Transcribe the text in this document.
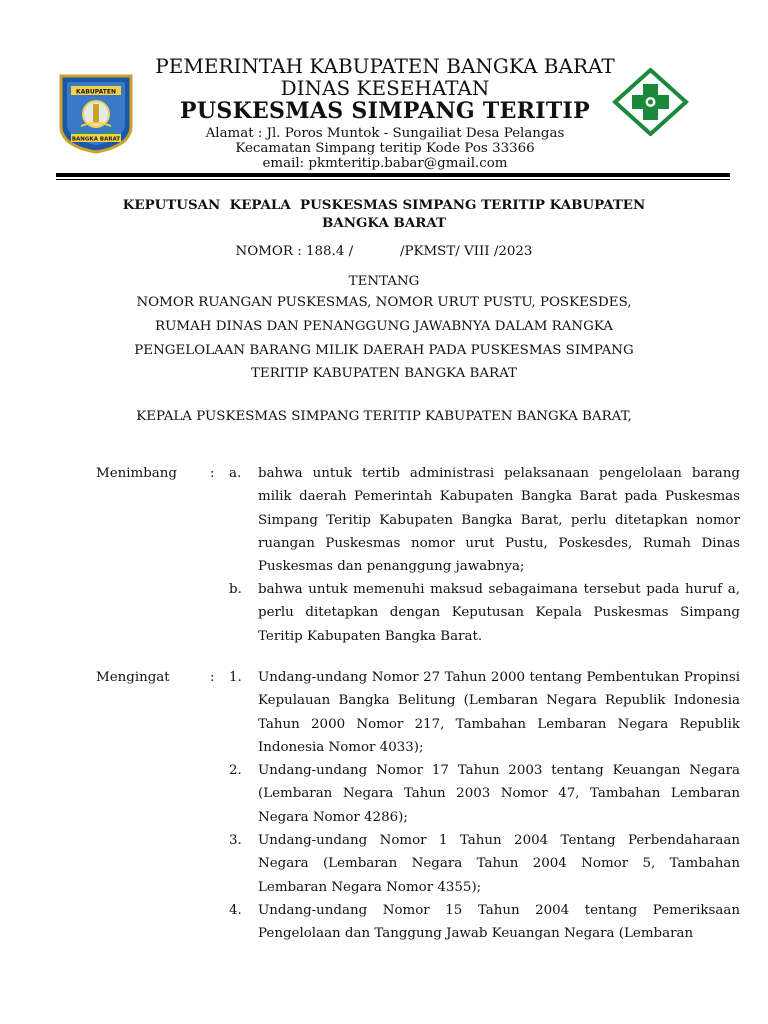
KABUPATEN
BANGKA BARAT
PEMERINTAH KABUPATEN BANGKA BARAT
DINAS KESEHATAN
PUSKESMAS SIMPANG TERITIP
Alamat : Jl. Poros Muntok - Sungailiat Desa Pelangas
Kecamatan Simpang teritip Kode Pos 33366
email: pkmteritip.babar@gmail.com
KEPUTUSAN  KEPALA  PUSKESMAS SIMPANG TERITIP KABUPATEN
BANGKA BARAT
NOMOR : 188.4 /           /PKMST/ VIII /2023
TENTANG
NOMOR RUANGAN PUSKESMAS, NOMOR URUT PUSTU, POSKESDES,
RUMAH DINAS DAN PENANGGUNG JAWABNYA DALAM RANGKA
PENGELOLAAN BARANG MILIK DAERAH PADA PUSKESMAS SIMPANG
TERITIP KABUPATEN BANGKA BARAT
KEPALA PUSKESMAS SIMPANG TERITIP KABUPATEN BANGKA BARAT,
Menimbang : a. bahwa untuk tertib administrasi pelaksanaan pengelolaan barang milik daerah Pemerintah Kabupaten Bangka Barat pada Puskesmas Simpang Teritip Kabupaten Bangka Barat, perlu ditetapkan nomor ruangan Puskesmas nomor urut Pustu, Poskesdes, Rumah Dinas Puskesmas dan penanggung jawabnya;
b. bahwa untuk memenuhi maksud sebagaimana tersebut pada huruf a, perlu ditetapkan dengan Keputusan Kepala Puskesmas Simpang Teritip Kabupaten Bangka Barat.
Mengingat	: 1. Undang-undang Nomor 27 Tahun 2000 tentang Pembentukan Propinsi Kepulauan Bangka Belitung (Lembaran Negara Republik Indonesia Tahun 2000 Nomor 217, Tambahan Lembaran Negara Republik Indonesia Nomor 4033);
2. Undang-undang Nomor 17 Tahun 2003 tentang Keuangan Negara (Lembaran Negara Tahun 2003 Nomor 47, Tambahan Lembaran Negara Nomor 4286);
3. Undang-undang Nomor 1 Tahun 2004 Tentang Perbendaharaan Negara (Lembaran Negara Tahun 2004 Nomor 5, Tambahan Lembaran Negara Nomor 4355);
4. Undang-undang Nomor 15 Tahun 2004 tentang Pemeriksaan Pengelolaan dan Tanggung Jawab Keuangan Negara (Lembaran
